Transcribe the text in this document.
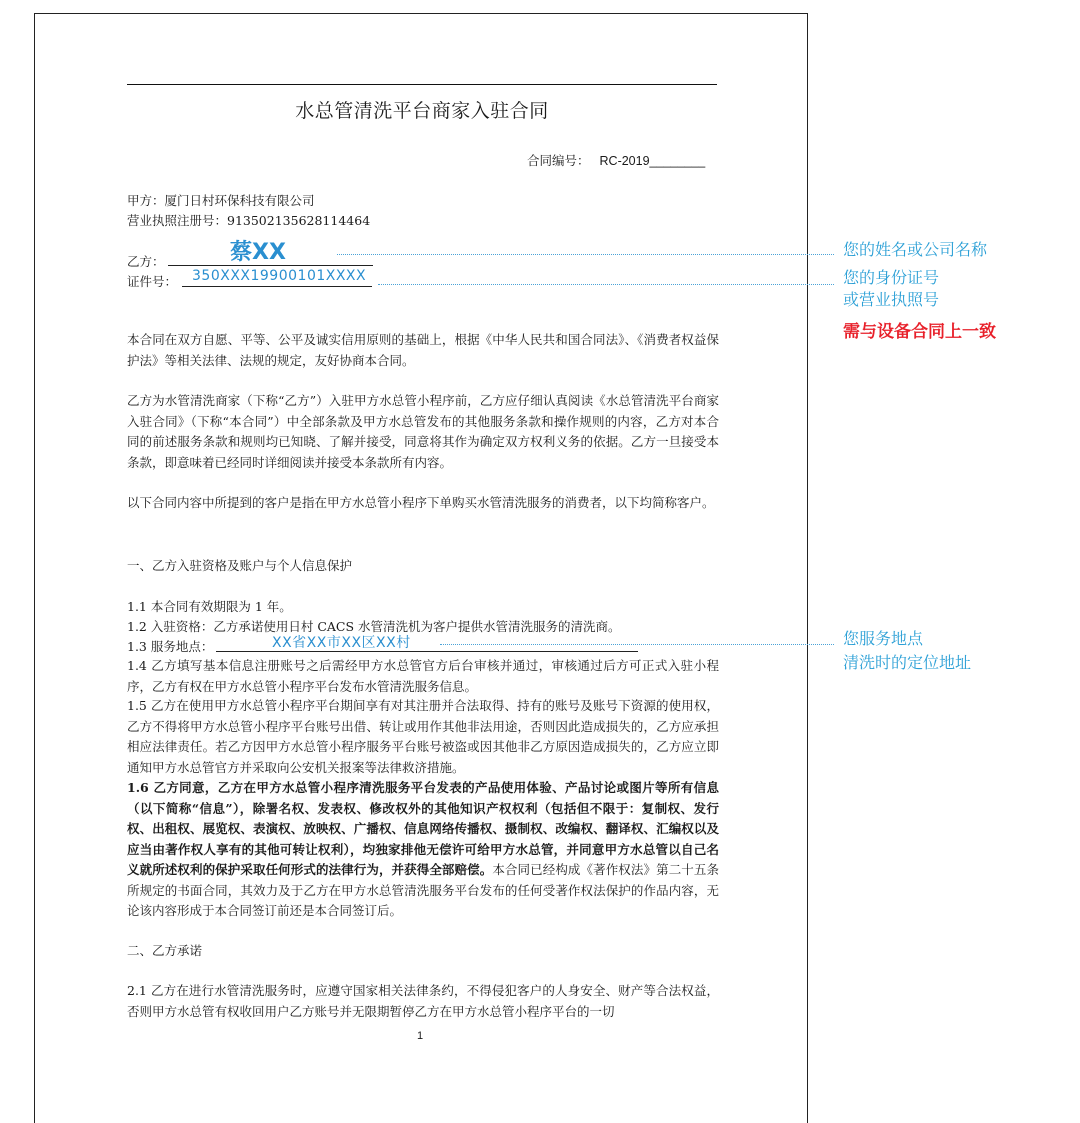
水总管清洗平台商家入驻合同
合同编号： RC-2019________
甲方：厦门日村环保科技有限公司
营业执照注册号：913502135628114464
乙方：	蔡XX
证件号： 350XXX19900101XXXX
您的姓名或公司名称
您的身份证号
或营业执照号
需与设备合同上一致
本合同在双方自愿、平等、公平及诚实信用原则的基础上，根据《中华人民共和国合同法》、《消费者权益保护法》等相关法律、法规的规定，友好协商本合同。
乙方为水管清洗商家（下称“乙方”）入驻甲方水总管小程序前，乙方应仔细认真阅读《水总管清洗平台商家入驻合同》（下称“本合同”）中全部条款及甲方水总管发布的其他服务条款和操作规则的内容，乙方对本合同的前述服务条款和规则均已知晓、了解并接受，同意将其作为确定双方权利义务的依据。乙方一旦接受本条款，即意味着已经同时详细阅读并接受本条款所有内容。
以下合同内容中所提到的客户是指在甲方水总管小程序下单购买水管清洗服务的消费者，以下均简称客户。
一、乙方入驻资格及账户与个人信息保护
1.1 本合同有效期限为 1 年。
1.2 入驻资格：乙方承诺使用日村 CACS 水管清洗机为客户提供水管清洗服务的清洗商。
1.3 服务地点：	XX省XX市XX区XX村	您服务地点
清洗时的定位地址
1.4 乙方填写基本信息注册账号之后需经甲方水总管官方后台审核并通过，审核通过后方可正式入驻小程序，乙方有权在甲方水总管小程序平台发布水管清洗服务信息。
1.5 乙方在使用甲方水总管小程序平台期间享有对其注册并合法取得、持有的账号及账号下资源的使用权，乙方不得将甲方水总管小程序平台账号出借、转让或用作其他非法用途，否则因此造成损失的，乙方应承担相应法律责任。若乙方因甲方水总管小程序服务平台账号被盗或因其他非乙方原因造成损失的，乙方应立即通知甲方水总管官方并采取向公安机关报案等法律救济措施。
1.6 乙方同意，乙方在甲方水总管小程序清洗服务平台发表的产品使用体验、产品讨论或图片等所有信息（以下简称“信息”），除署名权、发表权、修改权外的其他知识产权权利（包括但不限于：复制权、发行权、出租权、展览权、表演权、放映权、广播权、信息网络传播权、摄制权、改编权、翻译权、汇编权以及应当由著作权人享有的其他可转让权利），均独家排他无偿许可给甲方水总管，并同意甲方水总管以自己名义就所述权利的保护采取任何形式的法律行为，并获得全部赔偿。本合同已经构成《著作权法》第二十五条所规定的书面合同，其效力及于乙方在甲方水总管清洗服务平台发布的任何受著作权法保护的作品内容，无论该内容形成于本合同签订前还是本合同签订后。
二、乙方承诺
2.1 乙方在进行水管清洗服务时，应遵守国家相关法律条约，不得侵犯客户的人身安全、财产等合法权益，否则甲方水总管有权收回用户乙方账号并无限期暂停乙方在甲方水总管小程序平台的一切
1
